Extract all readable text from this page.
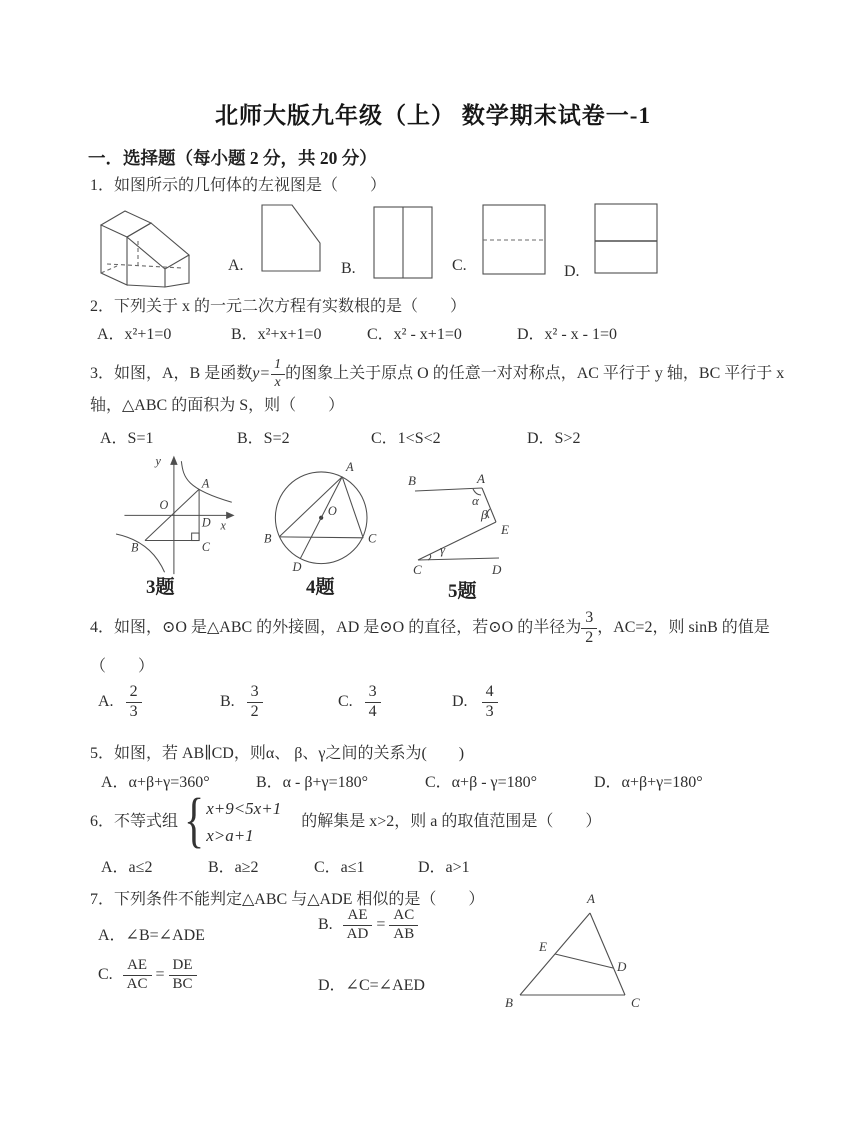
北师大版九年级（上） 数学期末试卷一-1
一．选择题（每小题 2 分，共 20 分）
1．如图所示的几何体的左视图是（　　）
A.	B.	C.	D.
2．下列关于 x 的一元二次方程有实数根的是（　　）
A．x²+1=0	B．x²+x+1=0	C．x² - x+1=0	D．x² - x - 1=0
3．如图，A，B 是函数 $y= \frac{1}{x}$ 的图象上关于原点 O 的任意一对对称点，AC 平行于 y 轴，BC 平行于 x
轴，△ABC 的面积为 S，则（　　）
A．S=1	B．S=2	C．1<S<2	D．S>2
y
x
O
A
B
D
C
3题
A
B	C
D
O
4题
B	A
α
β
E
γ
C	D
5题
4．如图，⊙O 是△ABC 的外接圆，AD 是⊙O 的直径，若⊙O 的半径为 $\frac{3}{2}$ ，AC=2，则 sinB 的值是
（　　）
A. $\frac{2}{3}$	B. $\frac{3}{2}$	C. $\frac{3}{4}$	D. $\frac{4}{3}$
5．如图，若 AB∥CD，则α、 β、γ之间的关系为(　　)
A．α+β+γ=360°	B．α - β+γ=180°	C．α+β - γ=180°	D．α+β+γ=180°
6．不等式组 { x+9<5x+1
x>a+1
的解集是 x>2，则 a 的取值范围是（　　）
A．a≤2	B．a≥2	C．a≤1	D．a>1
7．下列条件不能判定△ABC 与△ADE 相似的是（　　）
A．∠B=∠ADE
B. $\frac{AE}{AD} = \frac{AC}{AB}$
C. $\frac{AE}{AC} = \frac{DE}{BC}$	D．∠C=∠AED
A
B	C
D
E
